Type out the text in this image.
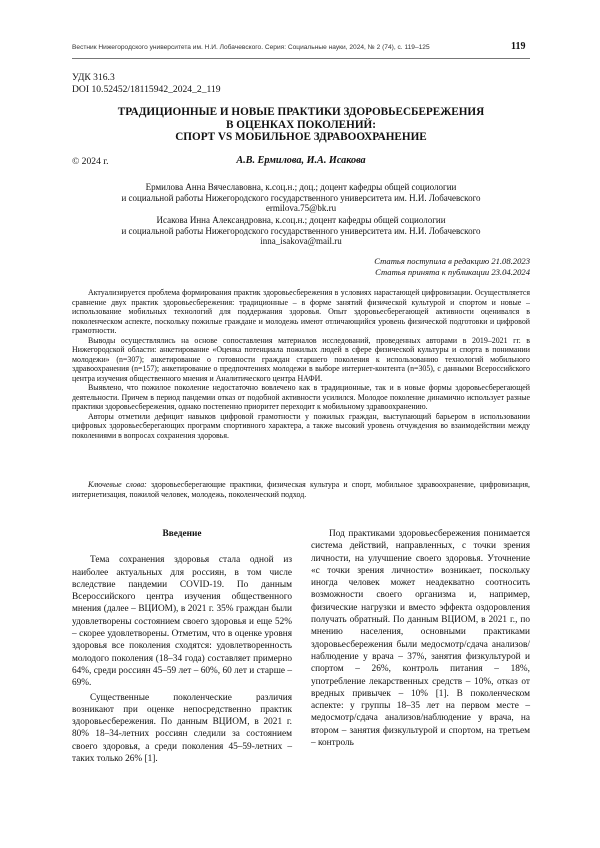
Вестник Нижегородского университета им. Н.И. Лобачевского. Серия: Социальные науки, 2024, № 2 (74), с. 119–125	119
УДК 316.3
DOI 10.52452/18115942_2024_2_119
ТРАДИЦИОННЫЕ И НОВЫЕ ПРАКТИКИ ЗДОРОВЬЕСБЕРЕЖЕНИЯ
В ОЦЕНКАХ ПОКОЛЕНИЙ:
СПОРТ VS МОБИЛЬНОЕ ЗДРАВООХРАНЕНИЕ
© 2024 г.	А.В. Ермилова, И.А. Исакова
Ермилова Анна Вячеславовна, к.соц.н.; доц.; доцент кафедры общей социологии
и социальной работы Нижегородского государственного университета им. Н.И. Лобачевского
ermilova.75@bk.ru
Исакова Инна Александровна, к.соц.н.; доцент кафедры общей социологии
и социальной работы Нижегородского государственного университета им. Н.И. Лобачевского
inna_isakova@mail.ru
Статья поступила в редакцию 21.08.2023
Статья принята к публикации 23.04.2024

Актуализируется проблема формирования практик здоровьесбережения в условиях нарастающей цифровизации. Осуществляется сравнение двух практик здоровьесбережения: традиционные – в форме занятий физической культурой и спортом и новые – использование мобильных технологий для поддержания здоровья. Опыт здоровьесберегающей активности оценивался в поколенческом аспекте, поскольку пожилые граждане и молодежь имеют отличающийся уровень физической подготовки и цифровой грамотности.

Выводы осуществлялись на основе сопоставления материалов исследований, проведенных авторами в 2019–2021 гг. в Нижегородской области: анкетирование «Оценка потенциала пожилых людей в сфере физической культуры и спорта в понимании молодежи» (n=307); анкетирование о готовности граждан старшего поколения к использованию технологий мобильного здравоохранения (n=157); анкетирование о предпочтениях молодежи в выборе интернет-контента (n=305), с данными Всероссийского центра изучения общественного мнения и Аналитического центра НАФИ.

Выявлено, что пожилое поколение недостаточно вовлечено как в традиционные, так и в новые формы здоровьесберегающей деятельности. Причем в период пандемии отказ от подобной активности усилился. Молодое поколение динамично использует разные практики здоровьесбережения, однако постепенно приоритет переходит к мобильному здравоохранению.

Авторы отметили дефицит навыков цифровой грамотности у пожилых граждан, выступающий барьером в использовании цифровых здоровьесберегающих программ спортивного характера, а также высокий уровень отчуждения во взаимодействии между поколениями в вопросах сохранения здоровья.

Ключевые слова: здоровьесберегающие практики, физическая культура и спорт, мобильное здравоохранение, цифровизация, интернетизация, пожилой человек, молодежь, поколенческий подход.
Введение

Тема сохранения здоровья стала одной из наиболее актуальных для россиян, в том числе вследствие пандемии COVID-19. По данным Всероссийского центра изучения общественного мнения (далее – ВЦИОМ), в 2021 г. 35% граждан были удовлетворены состоянием своего здоровья и еще 52% – скорее удовлетворены. Отметим, что в оценке уровня здоровья все поколения сходятся: удовлетворенность молодого поколения (18–34 года) составляет примерно 64%, среди россиян 45–59 лет – 60%, 60 лет и старше – 69%.

Существенные поколенческие различия возникают при оценке непосредственно практик здоровьесбережения. По данным ВЦИОМ, в 2021 г. 80% 18–34-летних россиян следили за состоянием своего здоровья, а среди поколения 45–59-летних – таких только 26% [1].

Под практиками здоровьесбережения понимается система действий, направленных, с точки зрения личности, на улучшение своего здоровья. Уточнение «с точки зрения личности» возникает, поскольку иногда человек может неадекватно соотносить возможности своего организма и, например, физические нагрузки и вместо эффекта оздоровления получать обратный. По данным ВЦИОМ, в 2021 г., по мнению населения, основными практиками здоровьесбережения были медосмотр/сдача анализов/наблюдение у врача – 37%, занятия физкультурой и спортом – 26%, контроль питания – 18%, употребление лекарственных средств – 10%, отказ от вредных привычек – 10% [1]. В поколенческом аспекте: у группы 18–35 лет на первом месте – медосмотр/сдача анализов/наблюдение у врача, на втором – занятия физкультурой и спортом, на третьем – контроль
